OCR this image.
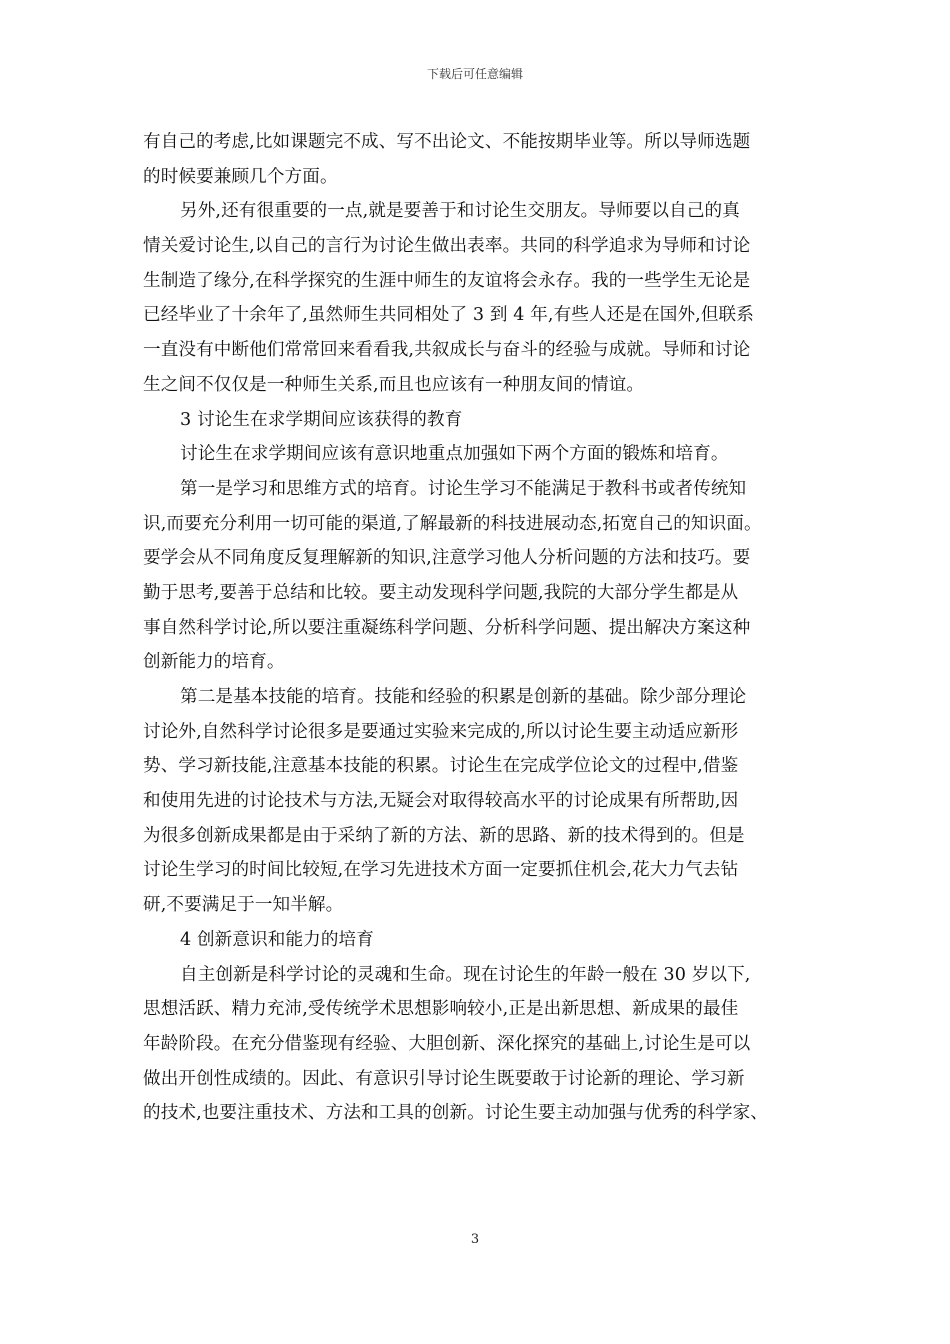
下载后可任意编辑
有自己的考虑,比如课题完不成、写不出论文、不能按期毕业等。所以导师选题
的时候要兼顾几个方面。
另外,还有很重要的一点,就是要善于和讨论生交朋友。导师要以自己的真
情关爱讨论生,以自己的言行为讨论生做出表率。共同的科学追求为导师和讨论
生制造了缘分,在科学探究的生涯中师生的友谊将会永存。我的一些学生无论是
已经毕业了十余年了,虽然师生共同相处了 3 到 4 年,有些人还是在国外,但联系
一直没有中断他们常常回来看看我,共叙成长与奋斗的经验与成就。导师和讨论
生之间不仅仅是一种师生关系,而且也应该有一种朋友间的情谊。
3 讨论生在求学期间应该获得的教育
讨论生在求学期间应该有意识地重点加强如下两个方面的锻炼和培育。
第一是学习和思维方式的培育。讨论生学习不能满足于教科书或者传统知
识,而要充分利用一切可能的渠道,了解最新的科技进展动态,拓宽自己的知识面。
要学会从不同角度反复理解新的知识,注意学习他人分析问题的方法和技巧。要
勤于思考,要善于总结和比较。要主动发现科学问题,我院的大部分学生都是从
事自然科学讨论,所以要注重凝练科学问题、分析科学问题、提出解决方案这种
创新能力的培育。
第二是基本技能的培育。技能和经验的积累是创新的基础。除少部分理论
讨论外,自然科学讨论很多是要通过实验来完成的,所以讨论生要主动适应新形
势、学习新技能,注意基本技能的积累。讨论生在完成学位论文的过程中,借鉴
和使用先进的讨论技术与方法,无疑会对取得较高水平的讨论成果有所帮助,因
为很多创新成果都是由于采纳了新的方法、新的思路、新的技术得到的。但是
讨论生学习的时间比较短,在学习先进技术方面一定要抓住机会,花大力气去钻
研,不要满足于一知半解。
4 创新意识和能力的培育
自主创新是科学讨论的灵魂和生命。现在讨论生的年龄一般在 30 岁以下,
思想活跃、精力充沛,受传统学术思想影响较小,正是出新思想、新成果的最佳
年龄阶段。在充分借鉴现有经验、大胆创新、深化探究的基础上,讨论生是可以
做出开创性成绩的。因此、有意识引导讨论生既要敢于讨论新的理论、学习新
的技术,也要注重技术、方法和工具的创新。讨论生要主动加强与优秀的科学家、
3
